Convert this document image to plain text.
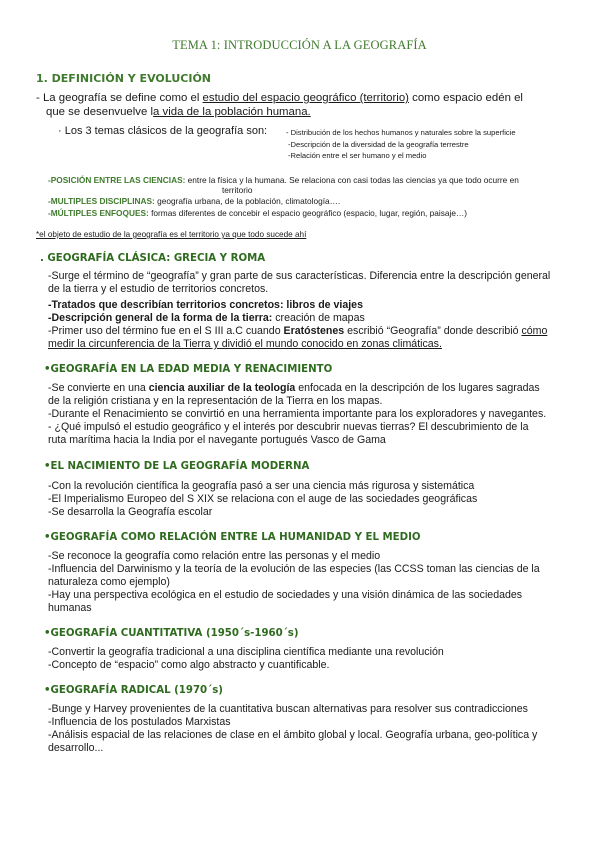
TEMA 1: INTRODUCCIÓN A LA GEOGRAFÍA
1. DEFINICIÓN Y EVOLUCIÓN
- La geografía se define como el estudio del espacio geográfico (territorio) como espacio edén el
que se desenvuelve la vida de la población humana.
· Los 3 temas clásicos de la geografía son: - Distribución de los hechos humanos y naturales sobre la superficie
-Descripción de la diversidad de la geografía terrestre
-Relación entre el ser humano y el medio
-POSICIÓN ENTRE LAS CIENCIAS: entre la física y la humana. Se relaciona con casi todas las ciencias ya que todo ocurre en
territorio
-MULTIPLES DISCIPLINAS: geografía urbana, de la población, climatología….
-MÚLTIPLES ENFOQUES: formas diferentes de concebir el espacio geográfico (espacio, lugar, región, paisaje…)
*el objeto de estudio de la geografía es el territorio ya que todo sucede ahí
. GEOGRAFÍA CLÁSICA: GRECIA Y ROMA
-Surge el término de “geografía” y gran parte de sus características. Diferencia entre la descripción general
de la tierra y el estudio de territorios concretos.
-Tratados que describían territorios concretos: libros de viajes
-Descripción general de la forma de la tierra: creación de mapas
-Primer uso del término fue en el S III a.C cuando Eratóstenes escribió “Geografía” donde describió cómo
medir la circunferencia de la Tierra y dividió el mundo conocido en zonas climáticas.
•GEOGRAFÍA EN LA EDAD MEDIA Y RENACIMIENTO
-Se convierte en una ciencia auxiliar de la teología enfocada en la descripción de los lugares sagradas
de la religión cristiana y en la representación de la Tierra en los mapas.
-Durante el Renacimiento se convirtió en una herramienta importante para los exploradores y navegantes.
- ¿Qué impulsó el estudio geográfico y el interés por descubrir nuevas tierras? El descubrimiento de la
ruta marítima hacia la India por el navegante portugués Vasco de Gama
•EL NACIMIENTO DE LA GEOGRAFÍA MODERNA
-Con la revolución científica la geografía pasó a ser una ciencia más rigurosa y sistemática
-El Imperialismo Europeo del S XIX se relaciona con el auge de las sociedades geográficas
-Se desarrolla la Geografía escolar
•GEOGRAFÍA COMO RELACIÓN ENTRE LA HUMANIDAD Y EL MEDIO
-Se reconoce la geografía como relación entre las personas y el medio
-Influencia del Darwinismo y la teoría de la evolución de las especies (las CCSS toman las ciencias de la
naturaleza como ejemplo)
-Hay una perspectiva ecológica en el estudio de sociedades y una visión dinámica de las sociedades
humanas
•GEOGRAFÍA CUANTITATIVA (1950´s-1960´s)
-Convertir la geografía tradicional a una disciplina científica mediante una revolución
-Concepto de “espacio” como algo abstracto y cuantificable.
•GEOGRAFÍA RADICAL (1970´s)
-Bunge y Harvey provenientes de la cuantitativa buscan alternativas para resolver sus contradicciones
-Influencia de los postulados Marxistas
-Análisis espacial de las relaciones de clase en el ámbito global y local. Geografía urbana, geo-política y
desarrollo...
